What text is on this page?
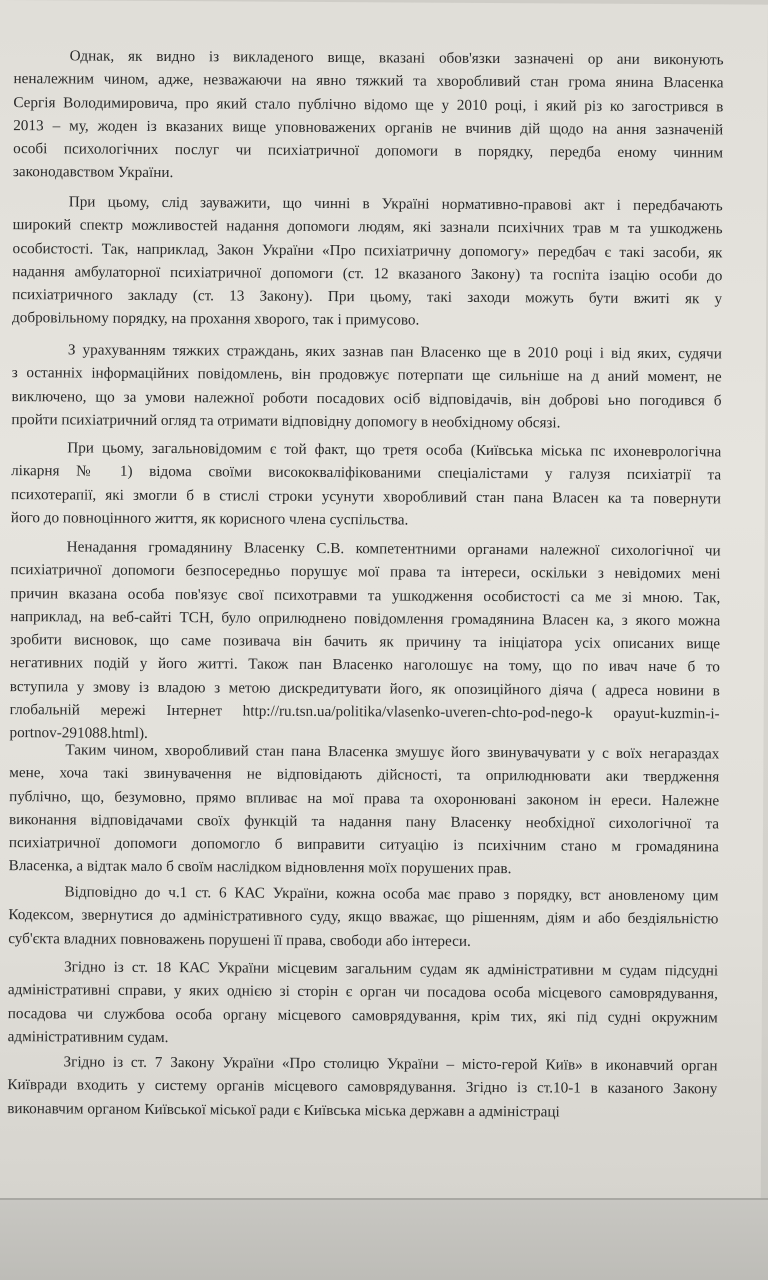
Однак, як видно із викладеного вище, вказані обов'язки зазначені ор ани виконують
неналежним чином, адже, незважаючи на явно тяжкий та хворобливий стан грома янина Власенка
Сергія Володимировича, про який стало публічно відомо ще у 2010 році, і який різ ко загострився в
2013 – му, жоден із вказаних вище уповноважених органів не вчинив дій щодо на ання зазначеній
особі психологічних послуг чи психіатричної допомоги в порядку, передба еному чинним
законодавством України.

При цьому, слід зауважити, що чинні в Україні нормативно-правові акт і передбачають
широкий спектр можливостей надання допомоги людям, які зазнали психічних трав м та ушкоджень
особистості. Так, наприклад, Закон України «Про психіатричну допомогу» передбач є такі засоби, як
надання амбулаторної психіатричної допомоги (ст. 12 вказаного Закону) та госпіта ізацію особи до
психіатричного закладу (ст. 13 Закону). При цьому, такі заходи можуть бути вжиті як у
добровільному порядку, на прохання хворого, так і примусово.

З урахуванням тяжких страждань, яких зазнав пан Власенко ще в 2010 році і від яких, судячи
з останніх інформаційних повідомлень, він продовжує потерпати ще сильніше на д аний момент, не
виключено, що за умови належної роботи посадових осіб відповідачів, він доброві ьно погодився б
пройти психіатричний огляд та отримати відповідну допомогу в необхідному обсязі.

При цьому, загальновідомим є той факт, що третя особа (Київська міська пс ихоневрологічна
лікарня № 1) відома своїми висококваліфікованими спеціалістами у галузя психіатрії та
психотерапії, які змогли б в стислі строки усунути хворобливий стан пана Власен ка та повернути
його до повноцінного життя, як корисного члена суспільства.

Ненадання громадянину Власенку С.В. компетентними органами належної сихологічної чи
психіатричної допомоги безпосередньо порушує мої права та інтереси, оскільки з невідомих мені
причин вказана особа пов'язує свої психотравми та ушкодження особистості са ме зі мною. Так,
наприклад, на веб-сайті ТСН, було оприлюднено повідомлення громадянина Власен ка, з якого можна
зробити висновок, що саме позивача він бачить як причину та ініціатора усіх описаних вище
негативних подій у його житті. Також пан Власенко наголошує на тому, що по ивач наче б то
вступила у змову із владою з метою дискредитувати його, як опозиційного діяча ( адреса новини в
глобальній мережі Інтернет http://ru.tsn.ua/politika/vlasenko-uveren-chto-pod-nego-k opayut-kuzmin-i-
portnov-291088.html).

Таким чином, хворобливий стан пана Власенка змушує його звинувачувати у с воїх негараздах
мене, хоча такі звинувачення не відповідають дійсності, та оприлюднювати аки твердження
публічно, що, безумовно, прямо впливає на мої права та охоронювані законом ін ереси. Належне
виконання відповідачами своїх функцій та надання пану Власенку необхідної сихологічної та
психіатричної допомоги допомогло б виправити ситуацію із психічним стано м громадянина
Власенка, а відтак мало б своїм наслідком відновлення моїх порушених прав.

Відповідно до ч.1 ст. 6 КАС України, кожна особа має право з порядку, вст ановленому цим
Кодексом, звернутися до адміністративного суду, якщо вважає, що рішенням, діям и або бездіяльністю
суб'єкта владних повноважень порушені її права, свободи або інтереси.

Згідно із ст. 18 КАС України місцевим загальним судам як адміністративни м судам підсудні
адміністративні справи, у яких однією зі сторін є орган чи посадова особа місцевого самоврядування,
посадова чи службова особа органу місцевого самоврядування, крім тих, які під судні окружним
адміністративним судам.

Згідно із ст. 7 Закону України «Про столицю України – місто-герой Київ» в иконавчий орган
Київради входить у систему органів місцевого самоврядування. Згідно із ст.10-1 в казаного Закону
виконавчим органом Київської міської ради є Київська міська державн а адміністраці
